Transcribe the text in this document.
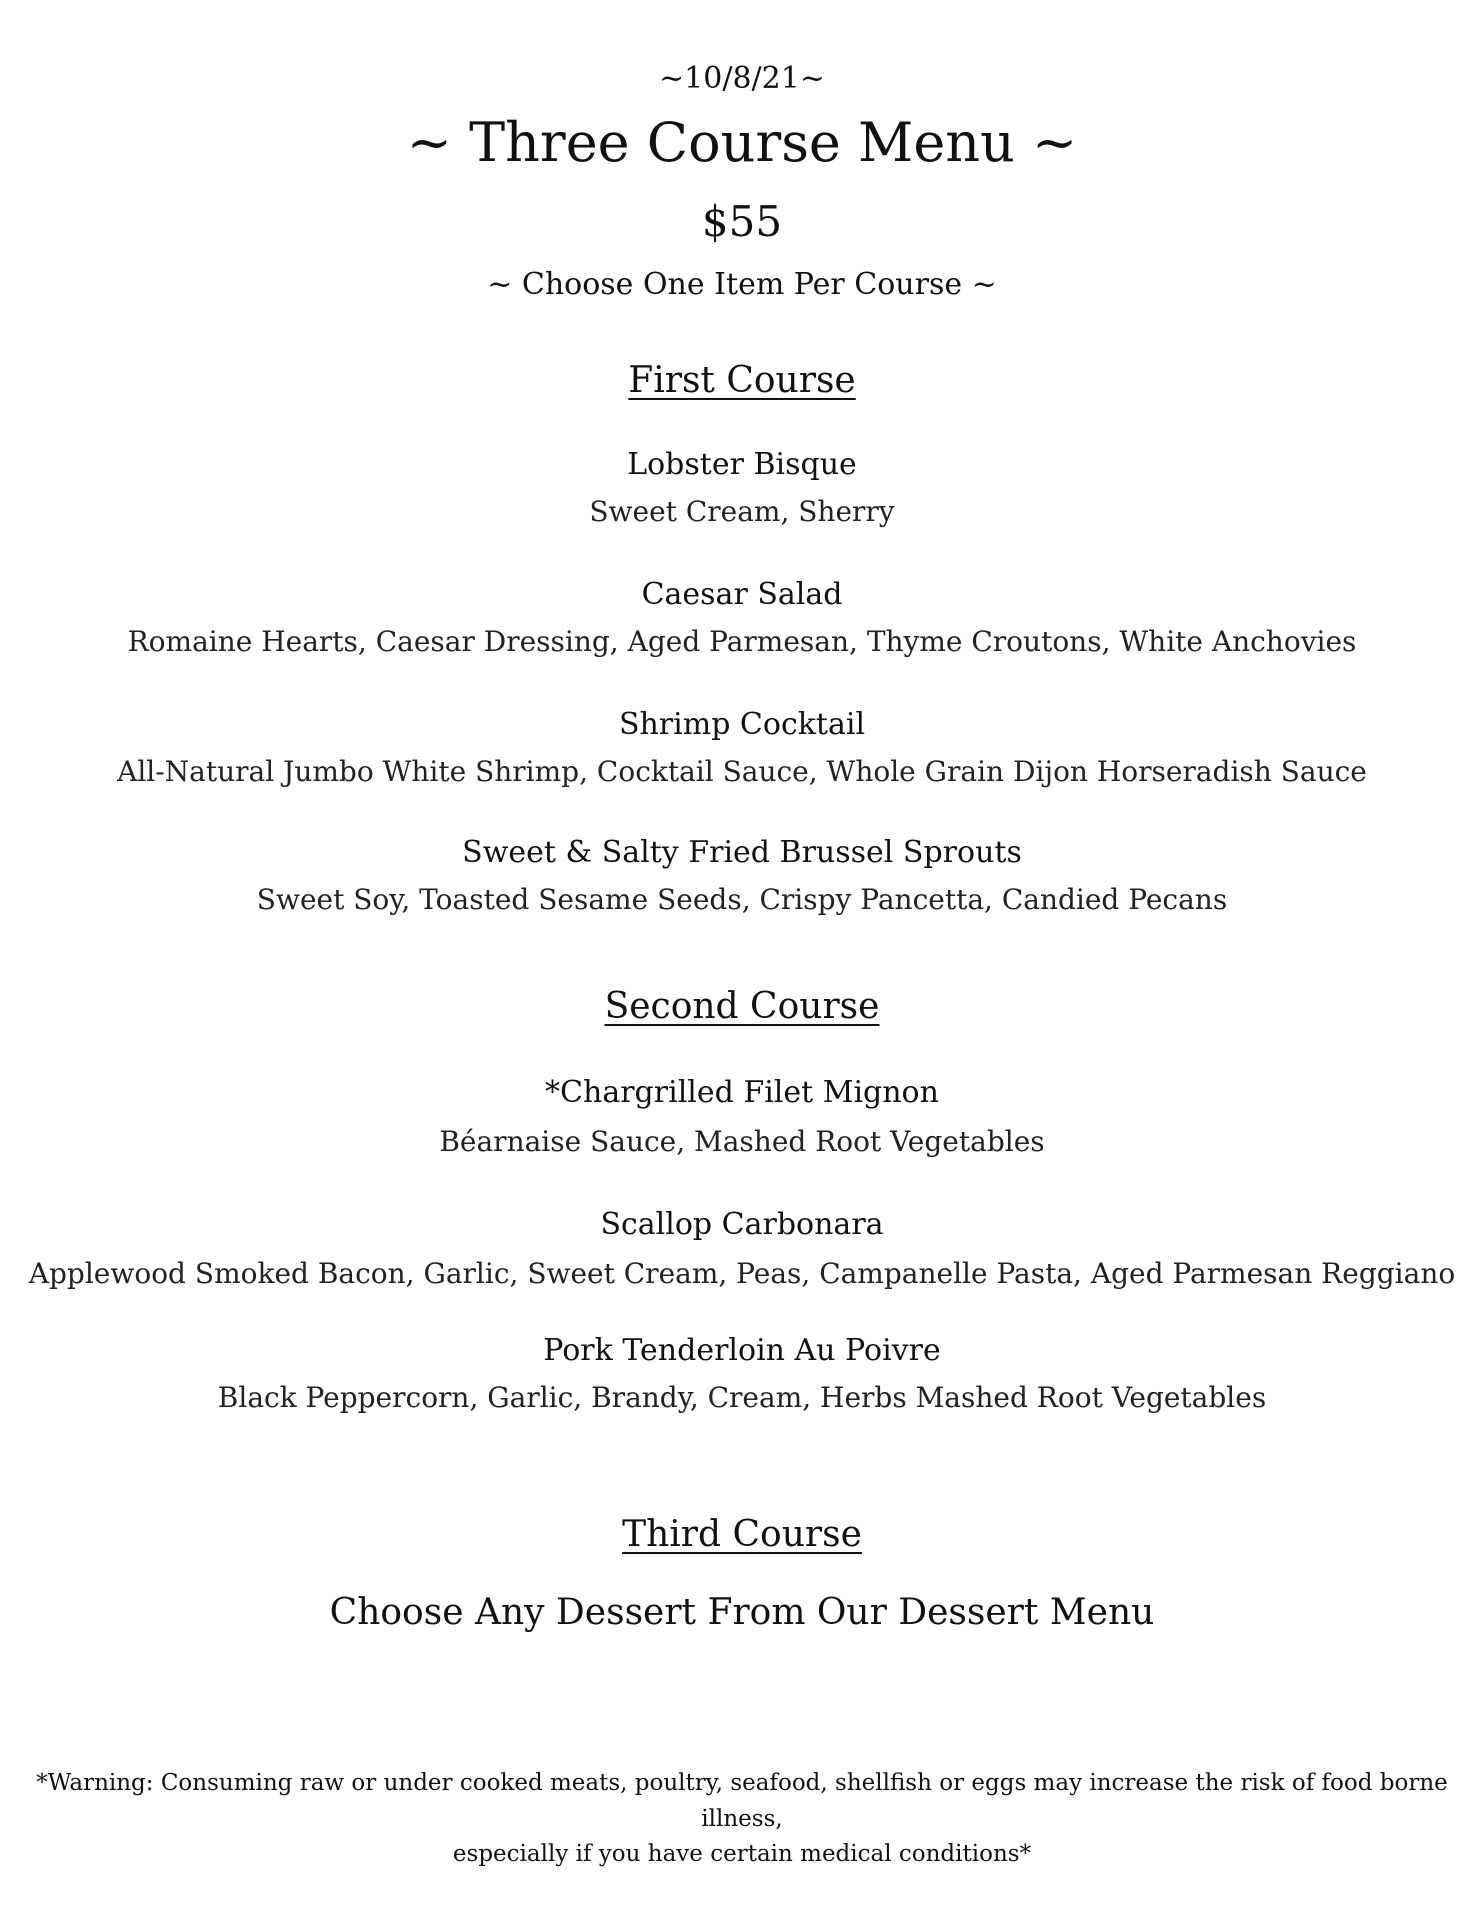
~10/8/21~
~ Three Course Menu ~
$55
~ Choose One Item Per Course ~
First Course
Lobster Bisque
Sweet Cream, Sherry
Caesar Salad
Romaine Hearts, Caesar Dressing, Aged Parmesan, Thyme Croutons, White Anchovies
Shrimp Cocktail
All-Natural Jumbo White Shrimp, Cocktail Sauce, Whole Grain Dijon Horseradish Sauce
Sweet & Salty Fried Brussel Sprouts
Sweet Soy, Toasted Sesame Seeds, Crispy Pancetta, Candied Pecans
Second Course
*Chargrilled Filet Mignon
Béarnaise Sauce, Mashed Root Vegetables
Scallop Carbonara
Applewood Smoked Bacon, Garlic, Sweet Cream, Peas, Campanelle Pasta, Aged Parmesan Reggiano
Pork Tenderloin Au Poivre
Black Peppercorn, Garlic, Brandy, Cream, Herbs Mashed Root Vegetables
Third Course
Choose Any Dessert From Our Dessert Menu
*Warning: Consuming raw or under cooked meats, poultry, seafood, shellfish or eggs may increase the risk of food borne illness,
especially if you have certain medical conditions*
